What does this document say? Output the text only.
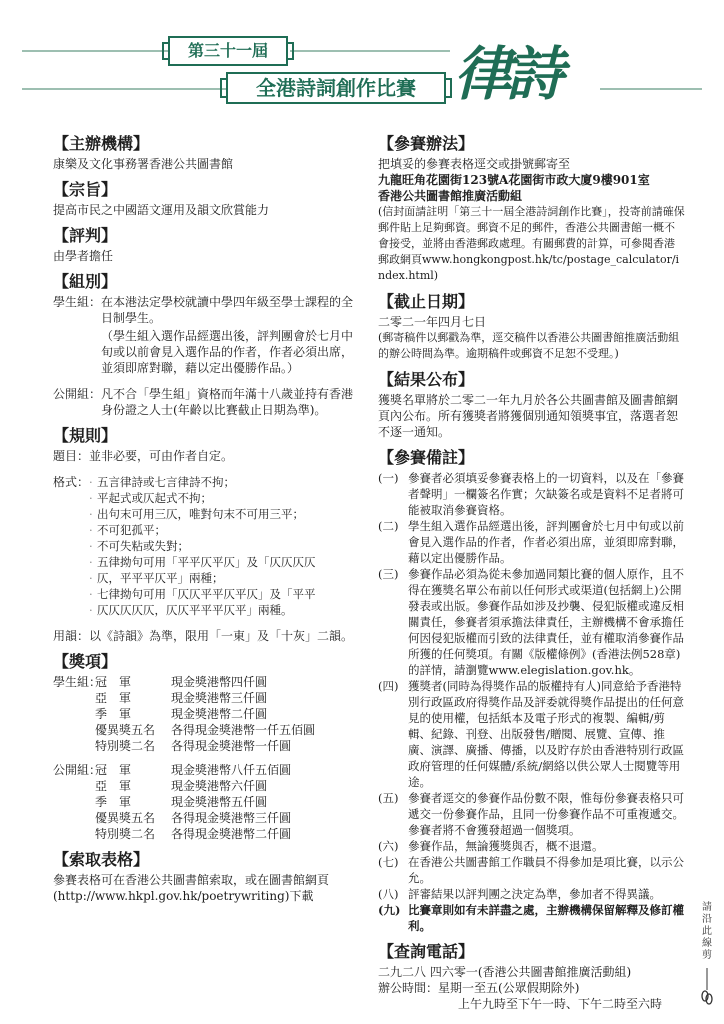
第三十一屆
全港詩詞創作比賽 律詩
【主辦機構】
康樂及文化事務署香港公共圖書館
【宗旨】
提高市民之中國語文運用及韻文欣賞能力
【評判】
由學者擔任
【組別】
學生組： 在本港法定學校就讀中學四年級至學士課程的全日制學生。
（學生組入選作品經選出後，評判團會於七月中旬或以前會見入選作品的作者，作者必須出席，並須即席對聯，藉以定出優勝作品。）
公開組： 凡不合「學生組」資格而年滿十八歲並持有香港身份證之人士(年齡以比賽截止日期為準)。
【規則】
題目： 並非必要，可由作者自定。
格式：
· 五言律詩或七言律詩不拘；
· 平起式或仄起式不拘；
· 出句末可用三仄，唯對句末不可用三平；
· 不可犯孤平；
· 不可失粘或失對；
· 五律拗句可用「平平仄平仄」及「仄仄仄仄
· 仄，平平平仄平」兩種；
· 七律拗句可用「仄仄平平仄平仄」及「平平
· 仄仄仄仄仄，仄仄平平平仄平」兩種。
用韻： 以《詩韻》為準，限用「一東」及「十灰」二韻。
【獎項】
學生組：
冠　軍	現金獎港幣四仟圓
亞　軍	現金獎港幣三仟圓
季　軍	現金獎港幣二仟圓
優異獎五名	各得現金獎港幣一仟五佰圓
特別獎二名	各得現金獎港幣一仟圓
公開組：
冠　軍	現金獎港幣八仟五佰圓
亞　軍	現金獎港幣六仟圓
季　軍	現金獎港幣五仟圓
優異獎五名	各得現金獎港幣三仟圓
特別獎二名	各得現金獎港幣二仟圓
【索取表格】
參賽表格可在香港公共圖書館索取，或在圖書館網頁(http://www.hkpl.gov.hk/poetrywriting)下載
【參賽辦法】
把填妥的參賽表格逕交或掛號郵寄至
九龍旺角花園街123號A花園街市政大廈9樓901室
香港公共圖書館推廣活動組
(信封面請註明「第三十一屆全港詩詞創作比賽」，投寄前請確保郵件貼上足夠郵資。郵資不足的郵件，香港公共圖書館一概不會接受，並將由香港郵政處理。有關郵費的計算，可參閱香港郵政網頁www.hongkongpost.hk/tc/postage_calculator/index.html)
【截止日期】
二零二一年四月七日
(郵寄稿件以郵戳為準，逕交稿件以香港公共圖書館推廣活動組的辦公時間為準。逾期稿件或郵資不足恕不受理。)
【結果公布】
獲獎名單將於二零二一年九月於各公共圖書館及圖書館網頁內公布。所有獲獎者將獲個別通知領獎事宜，落選者恕不逐一通知。
【參賽備註】
(一) 參賽者必須填妥參賽表格上的一切資料，以及在「參賽者聲明」一欄簽名作實；欠缺簽名或是資料不足者將可能被取消參賽資格。
(二) 學生組入選作品經選出後，評判團會於七月中旬或以前會見入選作品的作者，作者必須出席，並須即席對聯，藉以定出優勝作品。
(三) 參賽作品必須為從未參加過同類比賽的個人原作，且不得在獲獎名單公布前以任何形式或渠道(包括網上)公開發表或出版。參賽作品如涉及抄襲、侵犯版權或違反相關責任，參賽者須承擔法律責任，主辦機構不會承擔任何因侵犯版權而引致的法律責任，並有權取消參賽作品所獲的任何獎項。有關《版權條例》(香港法例528章)的詳情，請瀏覽www.elegislation.gov.hk。
(四) 獲獎者(同時為得獎作品的版權持有人)同意給予香港特別行政區政府得獎作品及評委就得獎作品提出的任何意見的使用權，包括紙本及電子形式的複製、編輯/剪輯、紀錄、刊登、出版發售/贈閱、展覽、宣傳、推廣、演譯、廣播、傳播，以及貯存於由香港特別行政區政府管理的任何媒體/系統/網絡以供公眾人士閱覽等用途。
(五) 參賽者逕交的參賽作品份數不限，惟每份參賽表格只可遞交一份參賽作品，且同一份參賽作品不可重複遞交。參賽者將不會獲發超過一個獎項。
(六) 參賽作品，無論獲獎與否，概不退還。
(七) 在香港公共圖書館工作職員不得參加是項比賽，以示公允。
(八) 評審結果以評判團之決定為準，參加者不得異議。
(九) 比賽章則如有未詳盡之處，主辦機構保留解釋及修訂權利。
【查詢電話】
二九二八 四六零一(香港公共圖書館推廣活動組)
辦公時間： 星期一至五(公眾假期除外)
上午九時至下午一時、下午二時至六時
請沿此線剪
